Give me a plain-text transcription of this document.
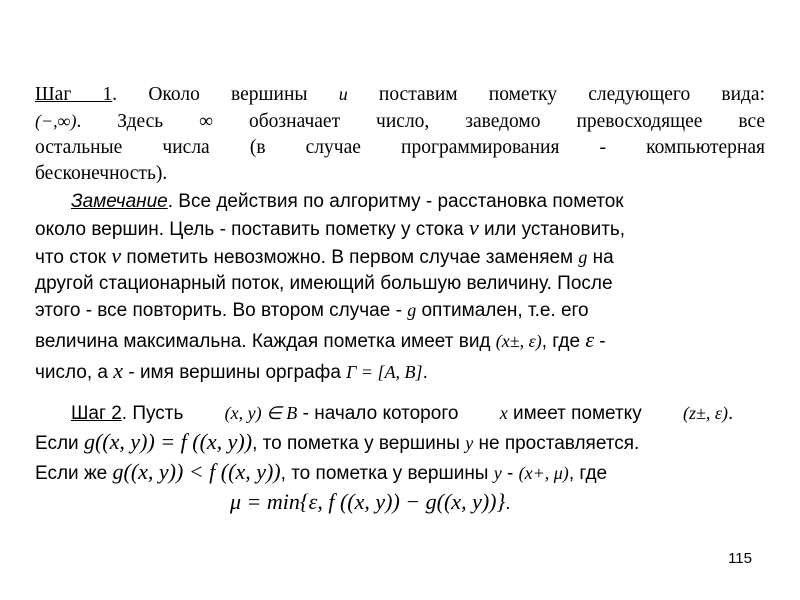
Шаг 1. Около вершины u поставим пометку следующего вида:
(−,∞). Здесь ∞ обозначает число, заведомо превосходящее все
остальные числа (в случае программирования - компьютерная
бесконечность).
Замечание. Все действия по алгоритму - расстановка пометок
около вершин. Цель - поставить пометку у стока v или установить,
что сток v пометить невозможно. В первом случае заменяем g на
другой стационарный поток, имеющий большую величину. После
этого - все повторить. Во втором случае - g оптимален, т.е. его
величина максимальна. Каждая пометка имеет вид (x±, ε), где ε -
число, а x - имя вершины орграфа Γ = [A, B].
Шаг 2. Пусть (x, y) ∈ B - начало которого x имеет пометку (z±, ε).
Если g((x, y)) = f ((x, y)), то пометка у вершины y не проставляется.
Если же g((x, y)) < f ((x, y)), то пометка у вершины y - (x+, μ), где
μ = min{ε, f ((x, y)) − g((x, y))}.
115
